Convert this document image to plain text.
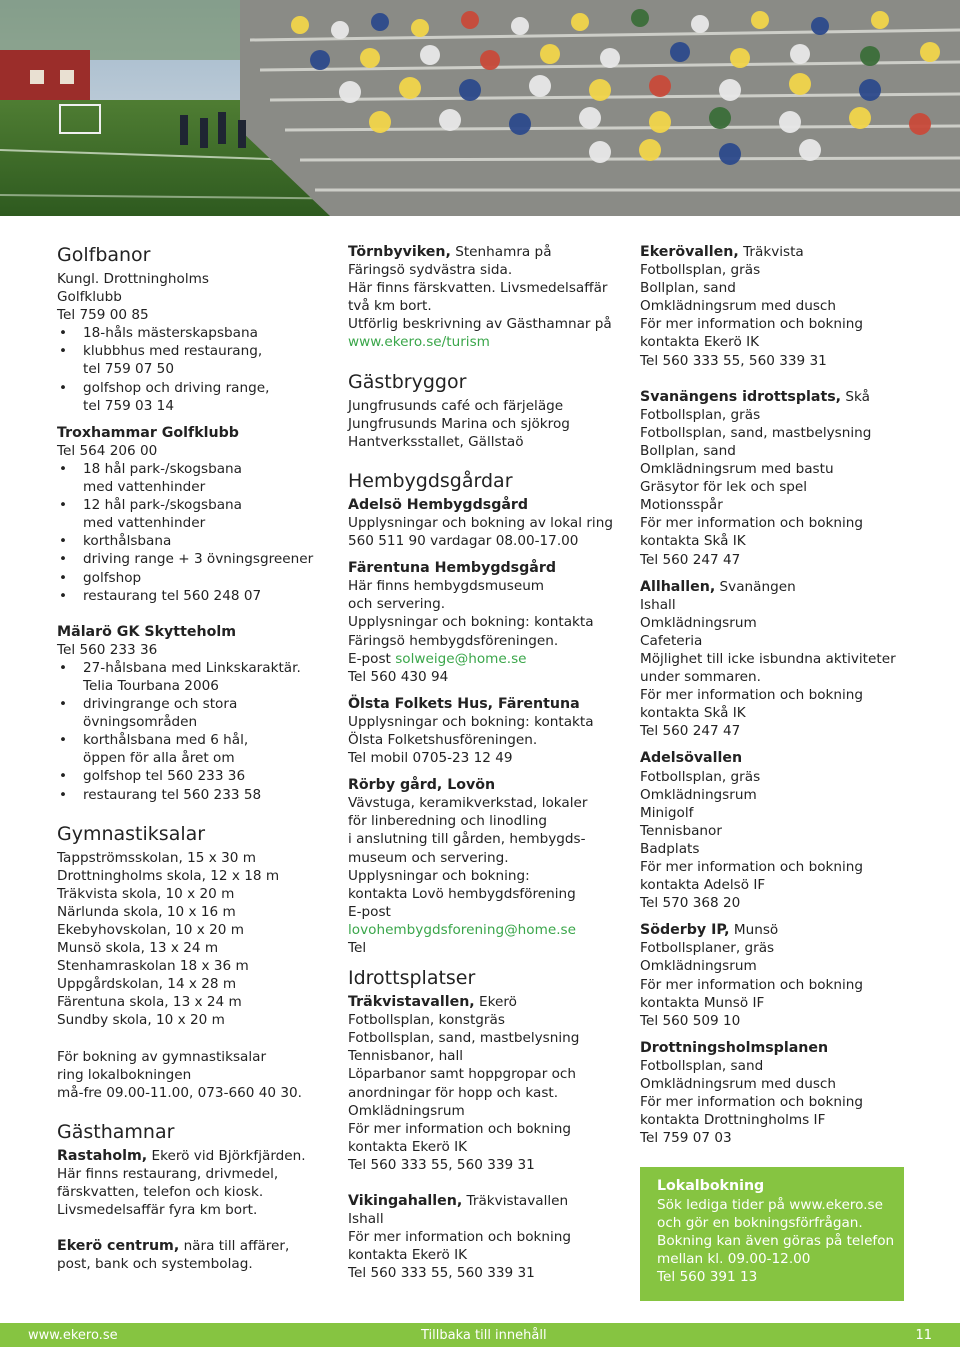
Golfbanor
Kungl. Drottningholms
Golfklubb
Tel 759 00 85
• 18-håls mästerskapsbana
• klubbhus med restaurang,
tel 759 07 50
• golfshop och driving range,
tel 759 03 14
Troxhammar Golfklubb
Tel 564 206 00
• 18 hål park-/skogsbana
med vattenhinder
• 12 hål park-/skogsbana
med vattenhinder
• korthålsbana
• driving range + 3 övningsgreener
• golfshop
• restaurang tel 560 248 07
Mälarö GK Skytteholm
Tel 560 233 36
• 27-hålsbana med Linkskaraktär.
Telia Tourbana 2006
• drivingrange och stora
övningsområden
• korthålsbana med 6 hål,
öppen för alla året om
• golfshop tel 560 233 36
• restaurang tel 560 233 58
Gymnastiksalar
Tappströmsskolan, 15 x 30 m
Drottningholms skola, 12 x 18 m
Träkvista skola, 10 x 20 m
Närlunda skola, 10 x 16 m
Ekebyhovskolan, 10 x 20 m
Munsö skola, 13 x 24 m
Stenhamraskolan 18 x 36 m
Uppgårdskolan, 14 x 28 m
Färentuna skola, 13 x 24 m
Sundby skola, 10 x 20 m
För bokning av gymnastiksalar
ring lokalbokningen
må-fre 09.00-11.00, 073-660 40 30.
Gästhamnar
Rastaholm, Ekerö vid Björkfjärden.
Här finns restaurang, drivmedel,
färskvatten, telefon och kiosk.
Livsmedelsaffär fyra km bort.
Ekerö centrum, nära till affärer,
post, bank och systembolag.
Törnbyviken, Stenhamra på
Färingsö sydvästra sida.
Här finns färskvatten. Livsmedelsaffär
två km bort.
Utförlig beskrivning av Gästhamnar på
www.ekero.se/turism
Gästbryggor
Jungfrusunds café och färjeläge
Jungfrusunds Marina och sjökrog
Hantverksstallet, Gällstaö
Hembygdsgårdar
Adelsö Hembygdsgård
Upplysningar och bokning av lokal ring
560 511 90 vardagar 08.00-17.00
Färentuna Hembygdsgård
Här finns hembygdsmuseum
och servering.
Upplysningar och bokning: kontakta
Färingsö hembygdsföreningen.
E-post solweige@home.se
Tel 560 430 94
Ölsta Folkets Hus, Färentuna
Upplysningar och bokning: kontakta
Ölsta Folketshusföreningen.
Tel mobil 0705-23 12 49
Rörby gård, Lovön
Vävstuga, keramikverkstad, lokaler
för linberedning och linodling
i anslutning till gården, hembygds-
museum och servering.
Upplysningar och bokning:
kontakta Lovö hembygdsförening
E-post lovohembygdsforening@home.se
Tel
Idrottsplatser
Träkvistavallen, Ekerö
Fotbollsplan, konstgräs
Fotbollsplan, sand, mastbelysning
Tennisbanor, hall
Löparbanor samt hoppgropar och
anordningar för hopp och kast.
Omklädningsrum
För mer information och bokning
kontakta Ekerö IK
Tel 560 333 55, 560 339 31
Vikingahallen, Träkvistavallen
Ishall
För mer information och bokning
kontakta Ekerö IK
Tel 560 333 55, 560 339 31
Ekerövallen, Träkvista
Fotbollsplan, gräs
Bollplan, sand
Omklädningsrum med dusch
För mer information och bokning
kontakta Ekerö IK
Tel 560 333 55, 560 339 31
Svanängens idrottsplats, Skå
Fotbollsplan, gräs
Fotbollsplan, sand, mastbelysning
Bollplan, sand
Omklädningsrum med bastu
Gräsytor för lek och spel
Motionsspår
För mer information och bokning
kontakta Skå IK
Tel 560 247 47
Allhallen, Svanängen
Ishall
Omklädningsrum
Cafeteria
Möjlighet till icke isbundna aktiviteter
under sommaren.
För mer information och bokning
kontakta Skå IK
Tel 560 247 47
Adelsövallen
Fotbollsplan, gräs
Omklädningsrum
Minigolf
Tennisbanor
Badplats
För mer information och bokning
kontakta Adelsö IF
Tel 570 368 20
Söderby IP, Munsö
Fotbollsplaner, gräs
Omklädningsrum
För mer information och bokning
kontakta Munsö IF
Tel 560 509 10
Drottningsholmsplanen
Fotbollsplan, sand
Omklädningsrum med dusch
För mer information och bokning
kontakta Drottningholms IF
Tel 759 07 03
Lokalbokning
Sök lediga tider på www.ekero.se
och gör en bokningsförfrågan.
Bokning kan även göras på telefon
mellan kl. 09.00-12.00
Tel 560 391 13
www.ekero.se	Tillbaka till innehåll	11
